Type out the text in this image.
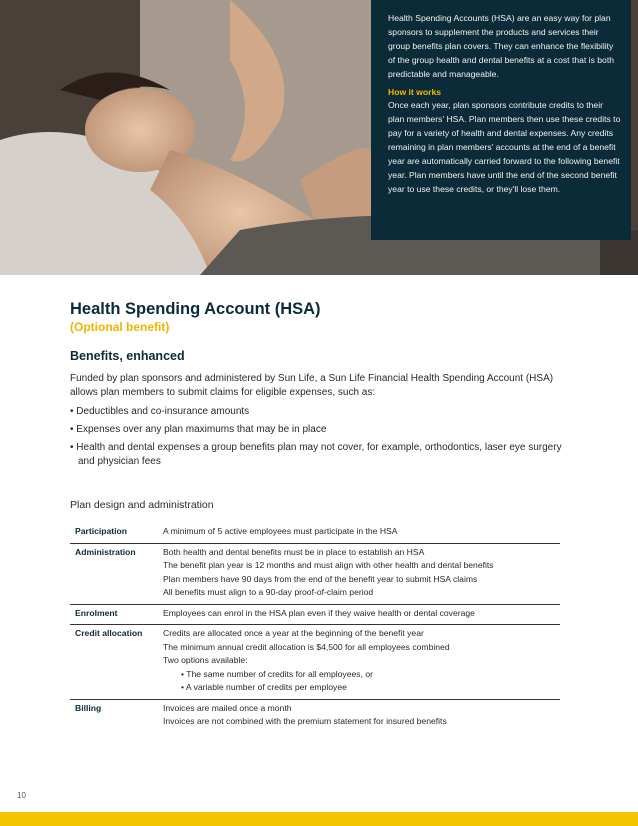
Health Spending Accounts (HSA) are an easy way for plan sponsors to supplement the products and services their group benefits plan covers. They can enhance the flexibility of the group health and dental benefits at a cost that is both predictable and manageable.

How it works

Once each year, plan sponsors contribute credits to their plan members' HSA. Plan members then use these credits to pay for a variety of health and dental expenses. Any credits remaining in plan members' accounts at the end of a benefit year are automatically carried forward to the following benefit year. Plan members have until the end of the second benefit year to use these credits, or they'll lose them.

Health Spending Account (HSA)
(Optional benefit)
Benefits, enhanced
Funded by plan sponsors and administered by Sun Life, a Sun Life Financial Health Spending Account (HSA) allows plan members to submit claims for eligible expenses, such as:
• Deductibles and co-insurance amounts
• Expenses over any plan maximums that may be in place
• Health and dental expenses a group benefits plan may not cover, for example, orthodontics, laser eye surgery and physician fees
Plan design and administration
Participation	A minimum of 5 active employees must participate in the HSA
Administration	Both health and dental benefits must be in place to establish an HSA
The benefit plan year is 12 months and must align with other health and dental benefits
Plan members have 90 days from the end of the benefit year to submit HSA claims
All benefits must align to a 90-day proof-of-claim period
Enrolment	Employees can enrol in the HSA plan even if they waive health or dental coverage
Credit allocation	Credits are allocated once a year at the beginning of the benefit year
The minimum annual credit allocation is $4,500 for all employees combined
Two options available:
• The same number of credits for all employees, or
• A variable number of credits per employee
Billing	Invoices are mailed once a month
Invoices are not combined with the premium statement for insured benefits
10
